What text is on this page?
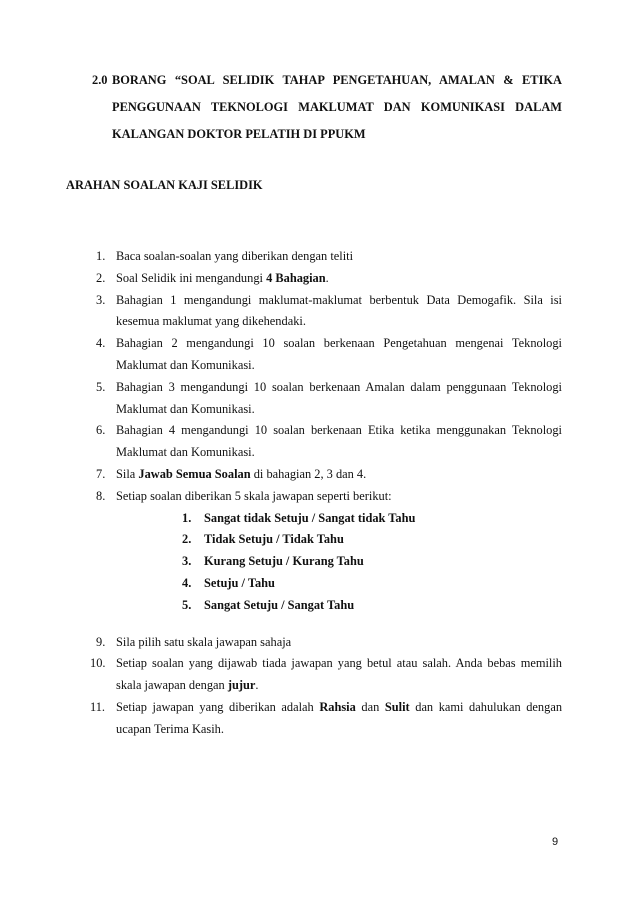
2.0 BORANG “SOAL SELIDIK TAHAP PENGETAHUAN, AMALAN & ETIKA PENGGUNAAN TEKNOLOGI MAKLUMAT DAN KOMUNIKASI DALAM KALANGAN DOKTOR PELATIH DI PPUKM
ARAHAN SOALAN KAJI SELIDIK
1. Baca soalan-soalan yang diberikan dengan teliti
2. Soal Selidik ini mengandungi 4 Bahagian.
3. Bahagian 1 mengandungi maklumat-maklumat berbentuk Data Demogafik. Sila isi kesemua maklumat yang dikehendaki.
4. Bahagian 2 mengandungi 10 soalan berkenaan Pengetahuan mengenai Teknologi Maklumat dan Komunikasi.
5. Bahagian 3 mengandungi 10 soalan berkenaan Amalan dalam penggunaan Teknologi Maklumat dan Komunikasi.
6. Bahagian 4 mengandungi 10 soalan berkenaan Etika ketika menggunakan Teknologi Maklumat dan Komunikasi.
7. Sila Jawab Semua Soalan di bahagian 2, 3 dan 4.
8. Setiap soalan diberikan 5 skala jawapan seperti berikut:
1. Sangat tidak Setuju / Sangat tidak Tahu
2. Tidak Setuju / Tidak Tahu
3. Kurang Setuju / Kurang Tahu
4. Setuju / Tahu
5. Sangat Setuju / Sangat Tahu
9. Sila pilih satu skala jawapan sahaja
10. Setiap soalan yang dijawab tiada jawapan yang betul atau salah. Anda bebas memilih skala jawapan dengan jujur.
11. Setiap jawapan yang diberikan adalah Rahsia dan Sulit dan kami dahulukan dengan ucapan Terima Kasih.
9
